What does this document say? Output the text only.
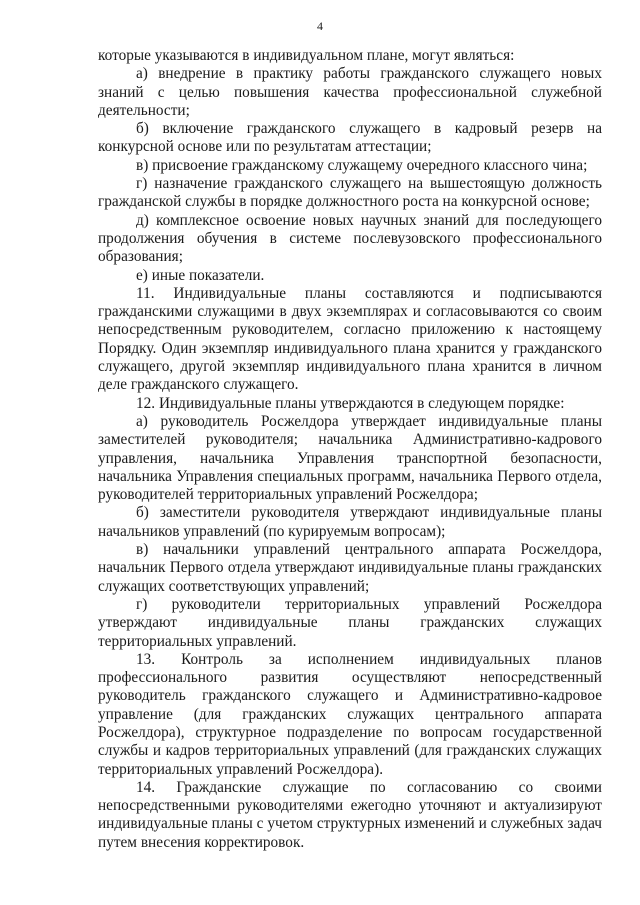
4

которые указываются в индивидуальном плане, могут являться:

а) внедрение в практику работы гражданского служащего новых знаний с целью повышения качества профессиональной служебной деятельности;

б) включение гражданского служащего в кадровый резерв на конкурсной основе или по результатам аттестации;

в) присвоение гражданскому служащему очередного классного чина;

г) назначение гражданского служащего на вышестоящую должность гражданской службы в порядке должностного роста на конкурсной основе;

д) комплексное освоение новых научных знаний для последующего продолжения обучения в системе послевузовского профессионального образования;

е) иные показатели.

11. Индивидуальные планы составляются и подписываются гражданскими служащими в двух экземплярах и согласовываются со своим непосредственным руководителем, согласно приложению к настоящему Порядку. Один экземпляр индивидуального плана хранится у гражданского служащего, другой экземпляр индивидуального плана хранится в личном деле гражданского служащего.

12. Индивидуальные планы утверждаются в следующем порядке:

а) руководитель Росжелдора утверждает индивидуальные планы заместителей руководителя; начальника Административно-кадрового управления, начальника Управления транспортной безопасности, начальника Управления специальных программ, начальника Первого отдела, руководителей территориальных управлений Росжелдора;

б) заместители руководителя утверждают индивидуальные планы начальников управлений (по курируемым вопросам);

в) начальники управлений центрального аппарата Росжелдора, начальник Первого отдела утверждают индивидуальные планы гражданских служащих соответствующих управлений;

г) руководители территориальных управлений Росжелдора утверждают индивидуальные планы гражданских служащих территориальных управлений.

13. Контроль за исполнением индивидуальных планов профессионального развития осуществляют непосредственный руководитель гражданского служащего и Административно-кадровое управление (для гражданских служащих центрального аппарата Росжелдора), структурное подразделение по вопросам государственной службы и кадров территориальных управлений (для гражданских служащих территориальных управлений Росжелдора).

14. Гражданские служащие по согласованию со своими непосредственными руководителями ежегодно уточняют и актуализируют индивидуальные планы с учетом структурных изменений и служебных задач путем внесения корректировок.
